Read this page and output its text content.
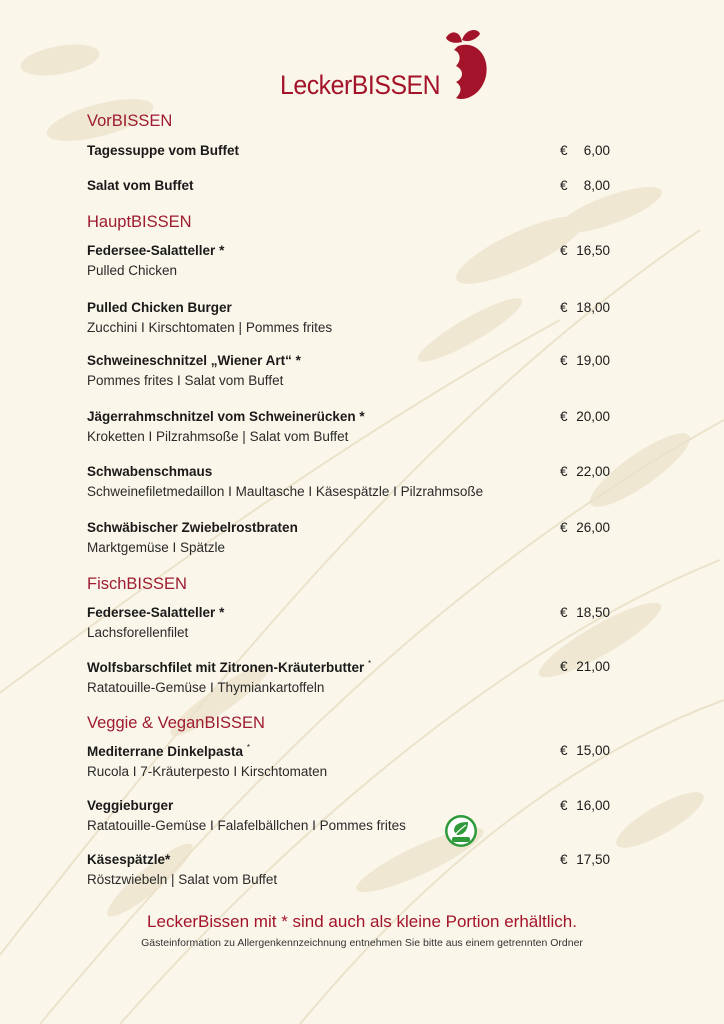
LeckerBISSEN
VorBISSEN
Tagessuppe vom Buffet	€ 6,00
Salat vom Buffet	€ 8,00
HauptBISSEN
Federsee-Salatteller *
Pulled Chicken
€ 16,50
Pulled Chicken Burger
Zucchini I Kirschtomaten | Pommes frites
€ 18,00
Schweineschnitzel „Wiener Art“ *
Pommes frites I Salat vom Buffet
€ 19,00
Jägerrahmschnitzel vom Schweinerücken *
Kroketten I Pilzrahmsoße | Salat vom Buffet
€ 20,00
Schwabenschmaus
Schweinefiletmedaillon I Maultasche I Käsespätzle I Pilzrahmsoße
€ 22,00
Schwäbischer Zwiebelrostbraten
Marktgemüse I Spätzle
€ 26,00
FischBISSEN
Federsee-Salatteller *
Lachsforellenfilet
€ 18,50
Wolfsbarschfilet mit Zitronen-Kräuterbutter *
Ratatouille-Gemüse I Thymiankartoffeln
€ 21,00
Veggie & VeganBISSEN
Mediterrane Dinkelpasta *
Rucola I 7-Kräuterpesto I Kirschtomaten
€ 15,00
Veggieburger
Ratatouille-Gemüse I Falafelbällchen I Pommes frites
€ 16,00
Käsespätzle*
Röstzwiebeln | Salat vom Buffet
€ 17,50
LeckerBissen mit * sind auch als kleine Portion erhältlich.
Gästeinformation zu Allergenkennzeichnung entnehmen Sie bitte aus einem getrennten Ordner
